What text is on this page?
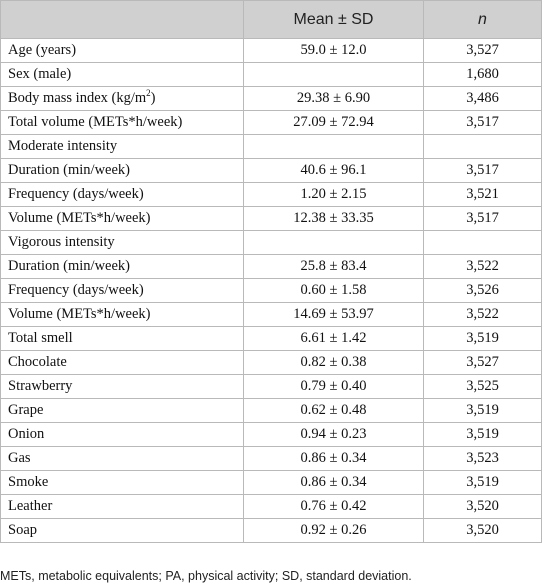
	Mean ± SD	n
Age (years)	59.0 ± 12.0	3,527
Sex (male)		1,680
Body mass index $(kg/m^2)$	29.38 ± 6.90	3,486
Total volume (METs*h/week)	27.09 ± 72.94	3,517
Moderate intensity		
Duration (min/week)	40.6 ± 96.1	3,517
Frequency (days/week)	1.20 ± 2.15	3,521
Volume (METs*h/week)	12.38 ± 33.35	3,517
Vigorous intensity		
Duration (min/week)	25.8 ± 83.4	3,522
Frequency (days/week)	0.60 ± 1.58	3,526
Volume (METs*h/week)	14.69 ± 53.97	3,522
Total smell	6.61 ± 1.42	3,519
Chocolate	0.82 ± 0.38	3,527
Strawberry	0.79 ± 0.40	3,525
Grape	0.62 ± 0.48	3,519
Onion	0.94 ± 0.23	3,519
Gas	0.86 ± 0.34	3,523
Smoke	0.86 ± 0.34	3,519
Leather	0.76 ± 0.42	3,520
Soap	0.92 ± 0.26	3,520
METs, metabolic equivalents; PA, physical activity; SD, standard deviation.
